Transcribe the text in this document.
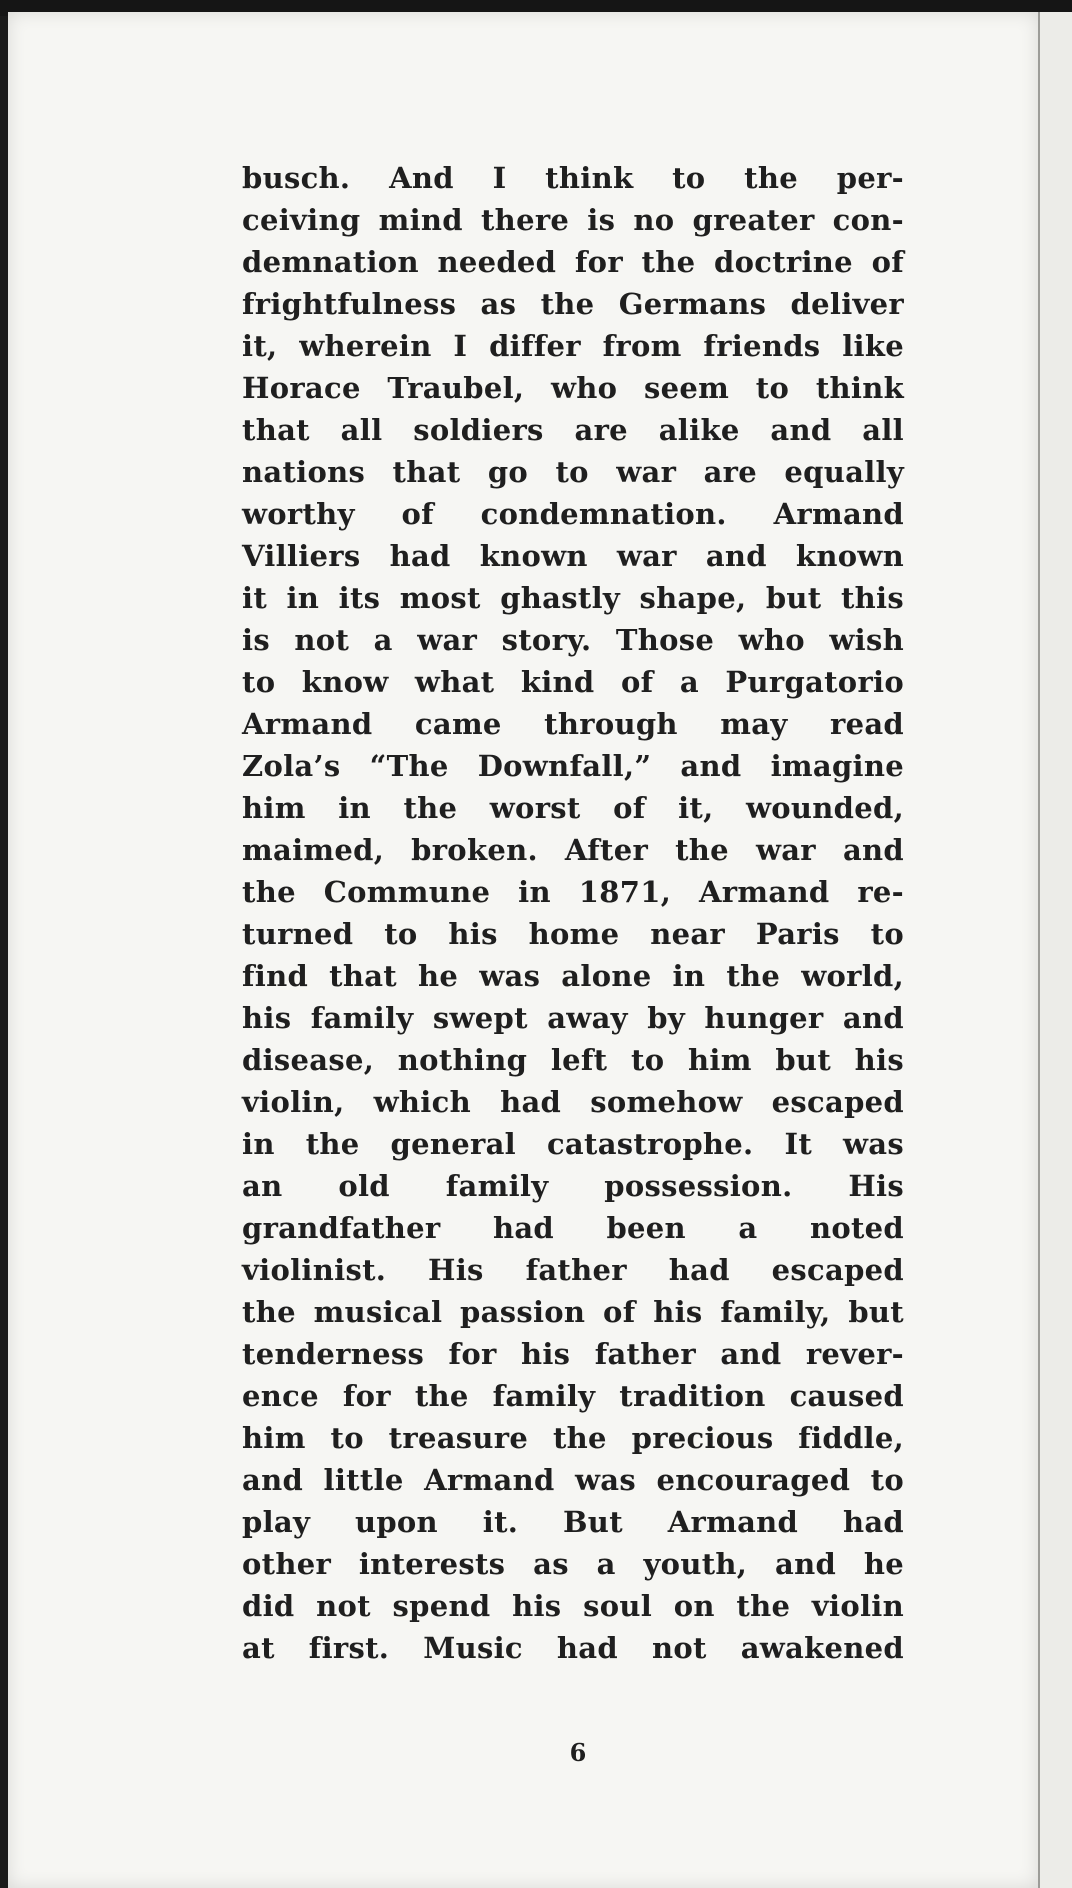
busch. And I think to the per-
ceiving mind there is no greater con-
demnation needed for the doctrine of
frightfulness as the Germans deliver
it, wherein I differ from friends like
Horace Traubel, who seem to think
that all soldiers are alike and all
nations that go to war are equally
worthy of condemnation. Armand
Villiers had known war and known
it in its most ghastly shape, but this
is not a war story. Those who wish
to know what kind of a Purgatorio
Armand came through may read
Zola’s “The Downfall,” and imagine
him in the worst of it, wounded,
maimed, broken. After the war and
the Commune in 1871, Armand re-
turned to his home near Paris to
find that he was alone in the world,
his family swept away by hunger and
disease, nothing left to him but his
violin, which had somehow escaped
in the general catastrophe. It was
an old family possession. His
grandfather had been a noted
violinist. His father had escaped
the musical passion of his family, but
tenderness for his father and rever-
ence for the family tradition caused
him to treasure the precious fiddle,
and little Armand was encouraged to
play upon it. But Armand had
other interests as a youth, and he
did not spend his soul on the violin
at first. Music had not awakened
6
